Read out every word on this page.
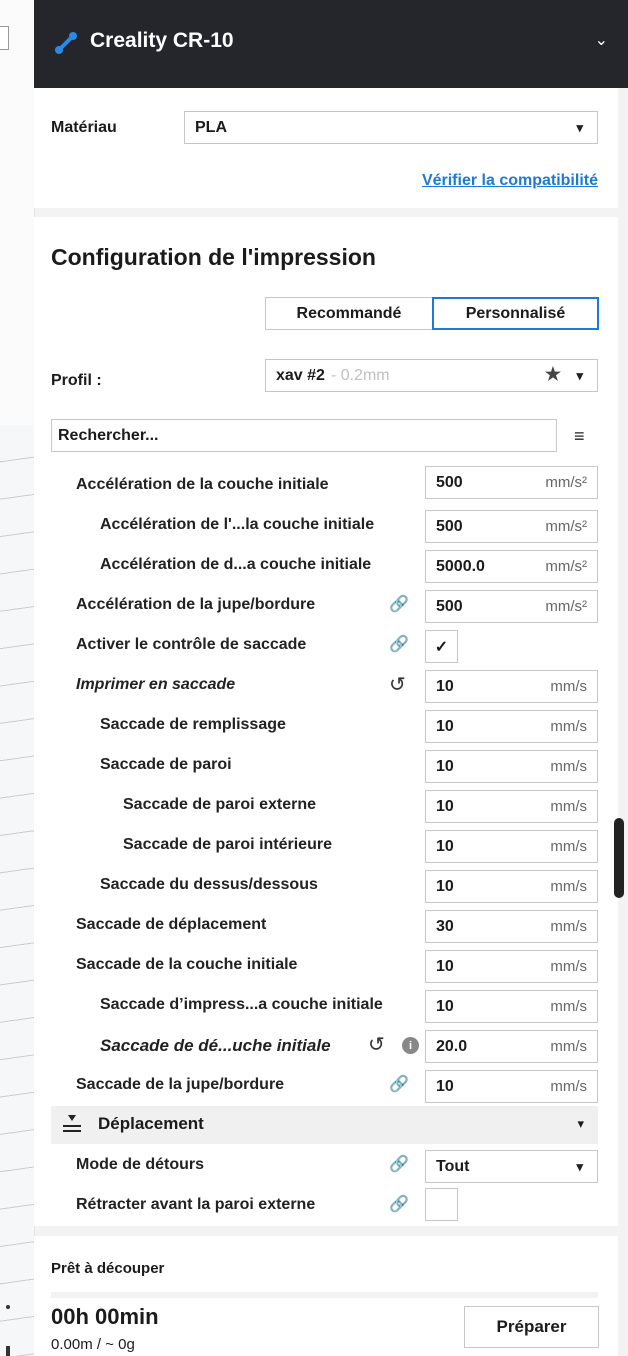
Creality CR-10	⌄
Matériau	PLA	▾
Vérifier la compatibilité
Configuration de l'impression
Recommandé	Personnalisé
Profil :	xav #2 - 0.2mm	★ ▾
Rechercher...	≡
Accélération de la couche initiale	500	mm/s²
Accélération de l'...la couche initiale	500	mm/s²
Accélération de d...a couche initiale	5000.0	mm/s²
Accélération de la jupe/bordure	🔗 500	mm/s²
Activer le contrôle de saccade	🔗	✓
Imprimer en saccade	↺ 10	mm/s
Saccade de remplissage	10	mm/s
Saccade de paroi	10	mm/s
Saccade de paroi externe	10	mm/s
Saccade de paroi intérieure	10	mm/s
Saccade du dessus/dessous	10	mm/s
Saccade de déplacement	30	mm/s
Saccade de la couche initiale	10	mm/s
Saccade d’impress...a couche initiale	10	mm/s
Saccade de dé...uche initiale ↺	i	20.0	mm/s
Saccade de la jupe/bordure	🔗 10	mm/s
Déplacement	▾
Mode de détours	🔗 Tout	▾
Rétracter avant la paroi externe	🔗
Prêt à découper
00h 00min
0.00m / ~ 0g
Préparer
